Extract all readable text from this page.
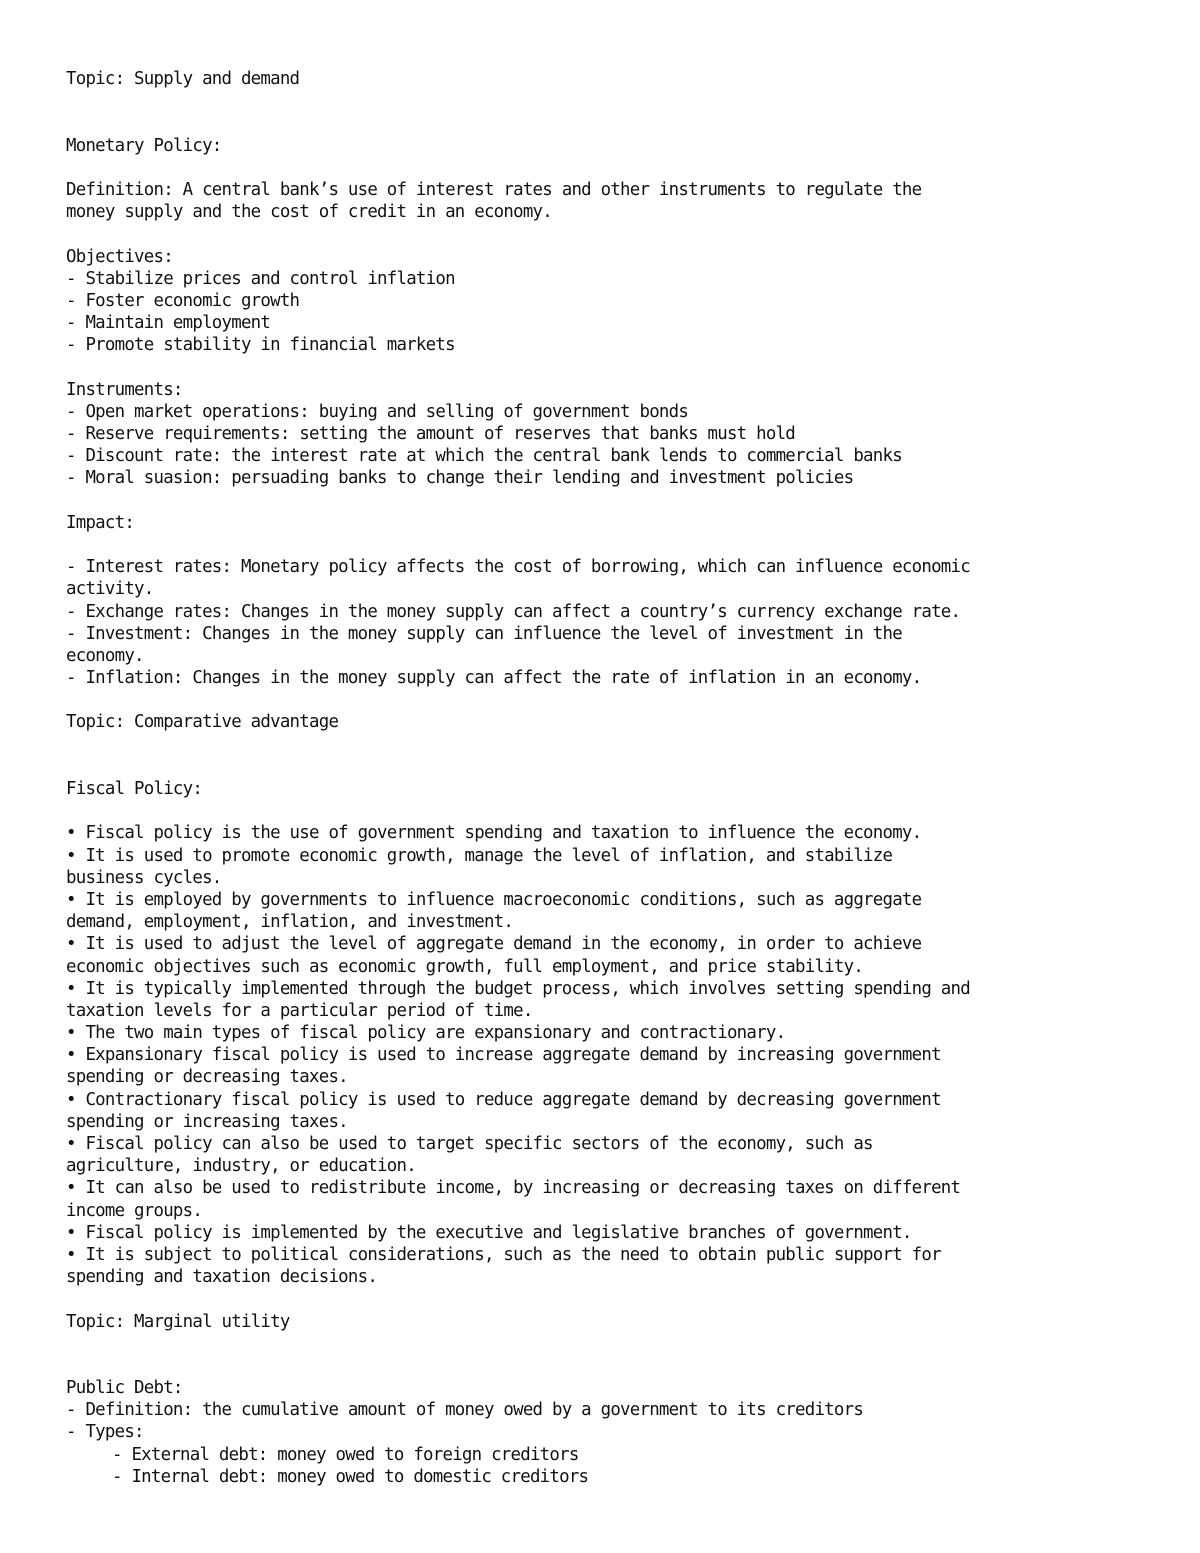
Topic: Supply and demand
Monetary Policy:
Definition: A central bank’s use of interest rates and other instruments to regulate the
money supply and the cost of credit in an economy.
Objectives:
- Stabilize prices and control inflation
- Foster economic growth
- Maintain employment
- Promote stability in financial markets
Instruments:
- Open market operations: buying and selling of government bonds
- Reserve requirements: setting the amount of reserves that banks must hold
- Discount rate: the interest rate at which the central bank lends to commercial banks
- Moral suasion: persuading banks to change their lending and investment policies
Impact:
- Interest rates: Monetary policy affects the cost of borrowing, which can influence economic
activity.
- Exchange rates: Changes in the money supply can affect a country’s currency exchange rate.
- Investment: Changes in the money supply can influence the level of investment in the
economy.
- Inflation: Changes in the money supply can affect the rate of inflation in an economy.
Topic: Comparative advantage
Fiscal Policy:
• Fiscal policy is the use of government spending and taxation to influence the economy.
• It is used to promote economic growth, manage the level of inflation, and stabilize
business cycles.
• It is employed by governments to influence macroeconomic conditions, such as aggregate
demand, employment, inflation, and investment.
• It is used to adjust the level of aggregate demand in the economy, in order to achieve
economic objectives such as economic growth, full employment, and price stability.
• It is typically implemented through the budget process, which involves setting spending and
taxation levels for a particular period of time.
• The two main types of fiscal policy are expansionary and contractionary.
• Expansionary fiscal policy is used to increase aggregate demand by increasing government
spending or decreasing taxes.
• Contractionary fiscal policy is used to reduce aggregate demand by decreasing government
spending or increasing taxes.
• Fiscal policy can also be used to target specific sectors of the economy, such as
agriculture, industry, or education.
• It can also be used to redistribute income, by increasing or decreasing taxes on different
income groups.
• Fiscal policy is implemented by the executive and legislative branches of government.
• It is subject to political considerations, such as the need to obtain public support for
spending and taxation decisions.
Topic: Marginal utility
Public Debt:
- Definition: the cumulative amount of money owed by a government to its creditors
- Types:
- External debt: money owed to foreign creditors
- Internal debt: money owed to domestic creditors
